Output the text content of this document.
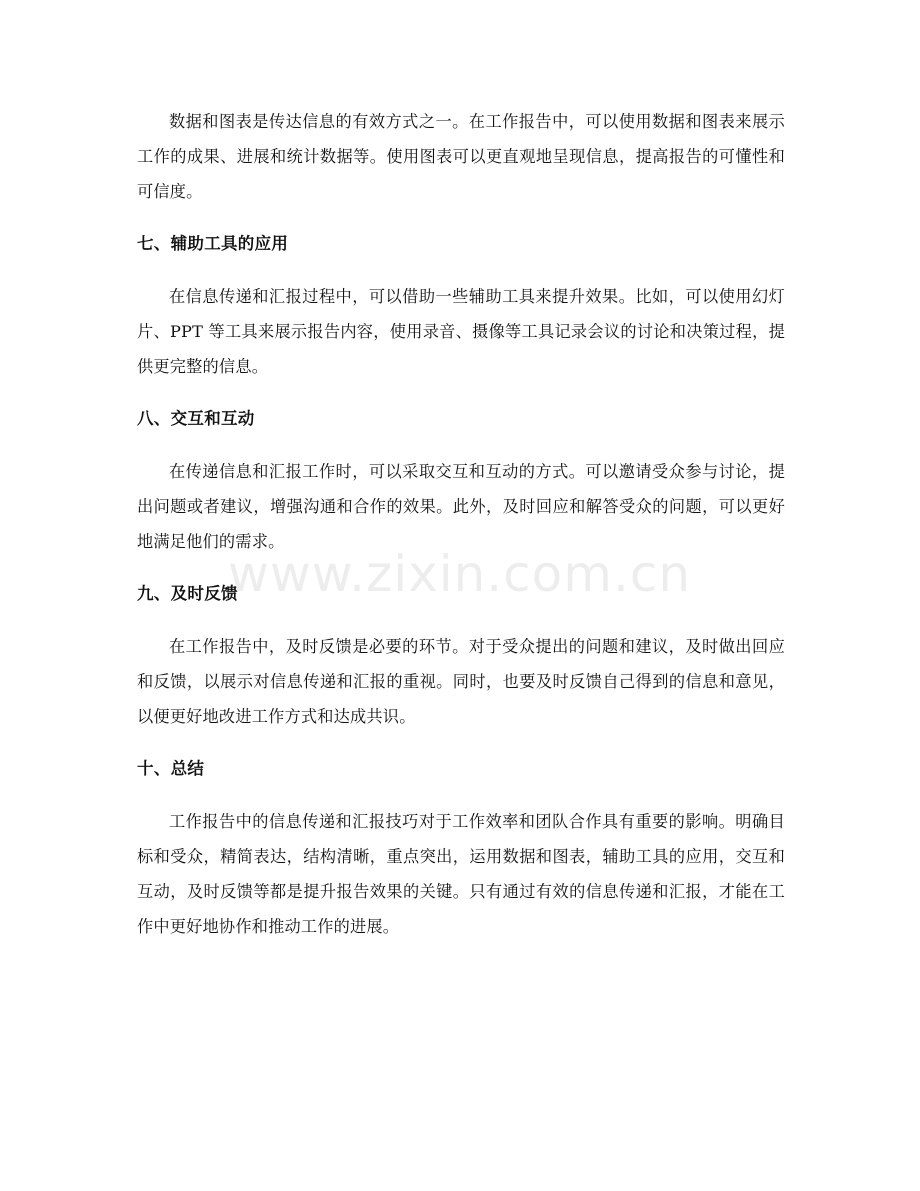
www.zixin.com.cn

数据和图表是传达信息的有效方式之一。在工作报告中，可以使用数据和图表来展示工作的成果、进展和统计数据等。使用图表可以更直观地呈现信息，提高报告的可懂性和可信度。

七、辅助工具的应用

在信息传递和汇报过程中，可以借助一些辅助工具来提升效果。比如，可以使用幻灯片、PPT 等工具来展示报告内容，使用录音、摄像等工具记录会议的讨论和决策过程，提供更完整的信息。

八、交互和互动

在传递信息和汇报工作时，可以采取交互和互动的方式。可以邀请受众参与讨论，提出问题或者建议，增强沟通和合作的效果。此外，及时回应和解答受众的问题，可以更好地满足他们的需求。

九、及时反馈

在工作报告中，及时反馈是必要的环节。对于受众提出的问题和建议，及时做出回应和反馈，以展示对信息传递和汇报的重视。同时，也要及时反馈自己得到的信息和意见，以便更好地改进工作方式和达成共识。

十、总结

工作报告中的信息传递和汇报技巧对于工作效率和团队合作具有重要的影响。明确目标和受众，精简表达，结构清晰，重点突出，运用数据和图表，辅助工具的应用，交互和互动，及时反馈等都是提升报告效果的关键。只有通过有效的信息传递和汇报，才能在工作中更好地协作和推动工作的进展。
